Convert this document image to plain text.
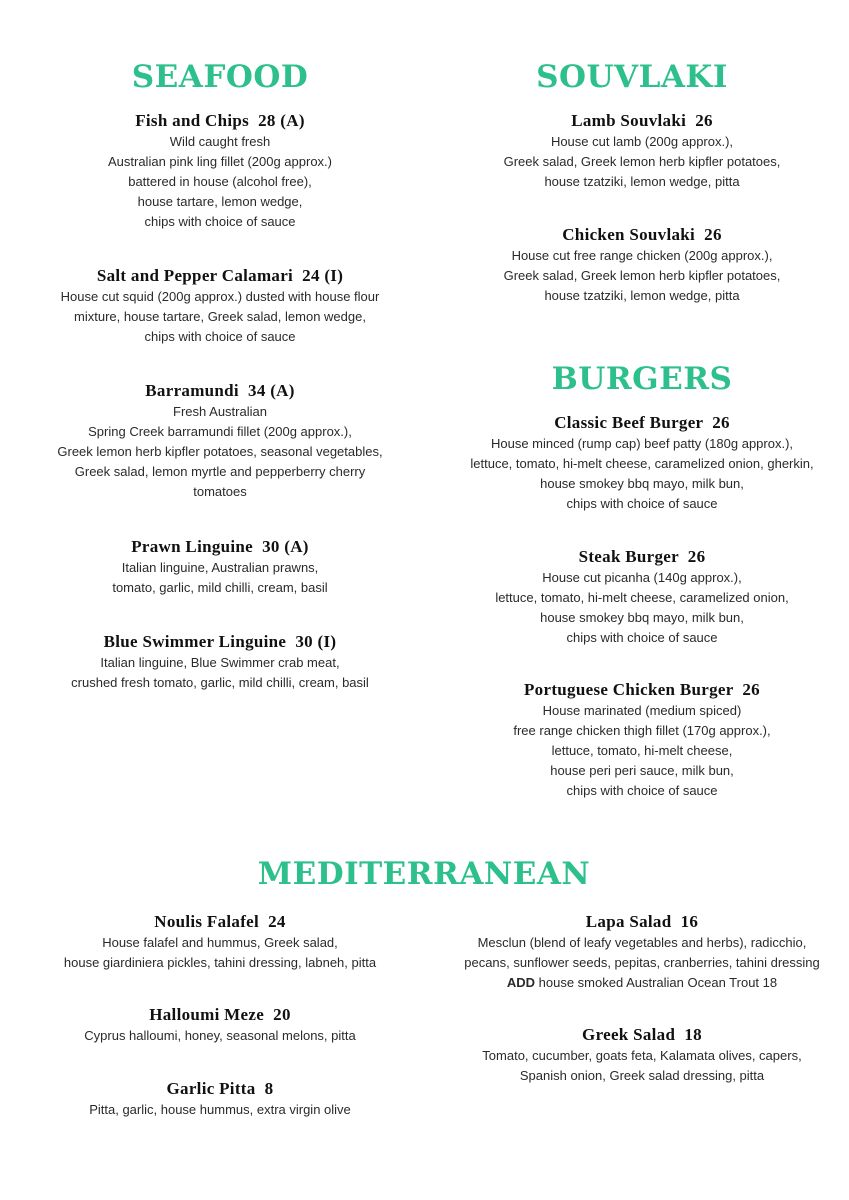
SEAFOOD
Fish and Chips  28 (A)
Wild caught fresh
Australian pink ling fillet (200g approx.)
battered in house (alcohol free),
house tartare, lemon wedge,
chips with choice of sauce
Salt and Pepper Calamari  24 (I)
House cut squid (200g approx.) dusted with house flour
mixture, house tartare, Greek salad, lemon wedge,
chips with choice of sauce
Barramundi  34 (A)
Fresh Australian
Spring Creek barramundi fillet (200g approx.),
Greek lemon herb kipfler potatoes, seasonal vegetables,
Greek salad, lemon myrtle and pepperberry cherry
tomatoes
Prawn Linguine  30 (A)
Italian linguine, Australian prawns,
tomato, garlic, mild chilli, cream, basil
Blue Swimmer Linguine  30 (I)
Italian linguine, Blue Swimmer crab meat,
crushed fresh tomato, garlic, mild chilli, cream, basil
SOUVLAKI
Lamb Souvlaki  26
House cut lamb (200g approx.),
Greek salad, Greek lemon herb kipfler potatoes,
house tzatziki, lemon wedge, pitta
Chicken Souvlaki  26
House cut free range chicken (200g approx.),
Greek salad, Greek lemon herb kipfler potatoes,
house tzatziki, lemon wedge, pitta
BURGERS
Classic Beef Burger  26
House minced (rump cap) beef patty (180g approx.),
lettuce, tomato, hi-melt cheese, caramelized onion, gherkin,
house smokey bbq mayo, milk bun,
chips with choice of sauce
Steak Burger  26
House cut picanha (140g approx.),
lettuce, tomato, hi-melt cheese, caramelized onion,
house smokey bbq mayo, milk bun,
chips with choice of sauce
Portuguese Chicken Burger  26
House marinated (medium spiced)
free range chicken thigh fillet (170g approx.),
lettuce, tomato, hi-melt cheese,
house peri peri sauce, milk bun,
chips with choice of sauce
MEDITERRANEAN
Noulis Falafel  24
House falafel and hummus, Greek salad,
house giardiniera pickles, tahini dressing, labneh, pitta
Halloumi Meze  20
Cyprus halloumi, honey, seasonal melons, pitta
Garlic Pitta  8
Pitta, garlic, house hummus, extra virgin olive
Lapa Salad  16
Mesclun (blend of leafy vegetables and herbs), radicchio,
pecans, sunflower seeds, pepitas, cranberries, tahini dressing
ADD house smoked Australian Ocean Trout 18
Greek Salad  18
Tomato, cucumber, goats feta, Kalamata olives, capers,
Spanish onion, Greek salad dressing, pitta
